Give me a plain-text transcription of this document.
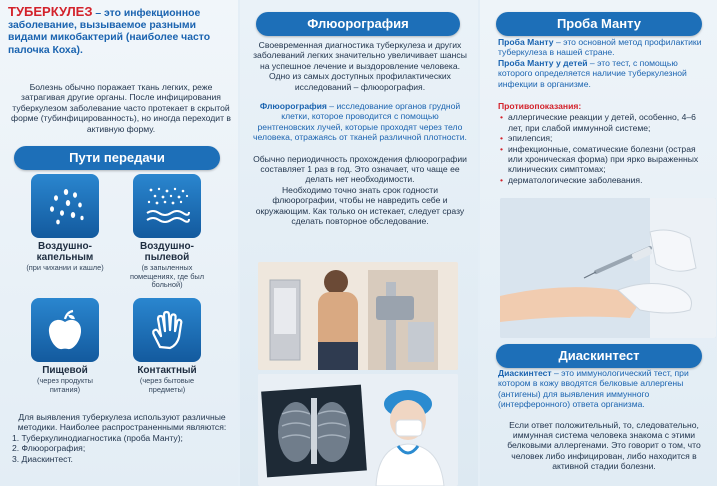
ТУБЕРКУЛЕЗ – это инфекционное заболевание, вызываемое разными видами микобактерий (наиболее часто палочка Коха).

Болезнь обычно поражает ткань легких, реже затрагивая другие органы. После инфицирования туберкулезом заболевание часто протекает в скрытой форме (тубинфицированность), но иногда переходит в активную форму.

Пути передачи
Воздушно-капельным
(при чихании и кашле)
Воздушно-пылевой
(в запыленных помещениях, где был больной)
Пищевой
(через продукты питания)
Контактный
(через бытовые предметы)

Для выявления туберкулеза используют различные методики. Наиболее распространенными являются:

1. Туберкулинодиагностика (проба Манту);

2. Флюорография;

3. Диаскинтест.

Флюорография

Своевременная диагностика туберкулеза и других заболеваний легких значительно увеличивает шансы на успешное лечение и выздоровление человека. Одно из самых доступных профилактических исследований – флюорография.

Флюорография – исследование органов грудной клетки, которое проводится с помощью рентгеновских лучей, которые проходят через тело человека, отражаясь от тканей различной плотности.

Обычно периодичность прохождения флюорографии составляет 1 раз в год. Это означает, что чаще ее делать нет необходимости.

Необходимо точно знать срок годности флюорографии, чтобы не навредить себе и окружающим. Как только он истекает, следует сразу сделать повторное обследование.

Проба Манту

Проба Манту – это основной метод профилактики туберкулеза в нашей стране.

Проба Манту у детей – это тест, с помощью которого определяется наличие туберкулезной инфекции в организме.

Противопоказания:

• аллергические реакции у детей, особенно, 4–6 лет, при слабой иммунной системе;
• эпилепсия;
• инфекционные, соматические болезни (острая или хроническая форма) при ярко выраженных клинических симптомах;
• дерматологические заболевания.
Диаскинтест

Диаскинтест – это иммунологический тест, при котором в кожу вводятся белковые аллергены (антигены) для выявления иммунного (интерферонного) ответа организма.

Если ответ положительный, то, следовательно, иммунная система человека знакома с этими белковыми аллергенами. Это говорит о том, что человек либо инфицирован, либо находится в активной стадии болезни.
